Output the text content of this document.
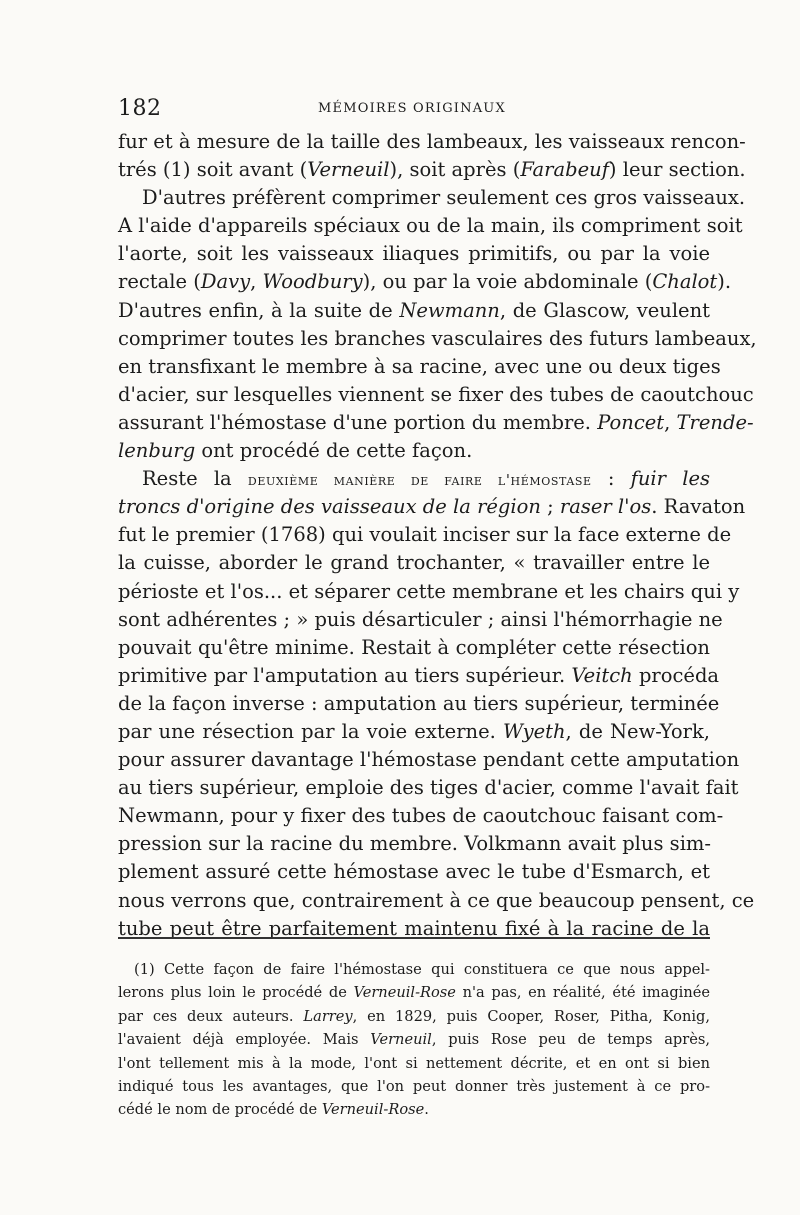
182	MÉMOIRES ORIGINAUX
fur et à mesure de la taille des lambeaux, les vaisseaux rencon-
trés (1) soit avant (Verneuil), soit après (Farabeuf) leur section.
D'autres préfèrent comprimer seulement ces gros vaisseaux.
A l'aide d'appareils spéciaux ou de la main, ils compriment soit
l'aorte, soit les vaisseaux iliaques primitifs, ou par la voie
rectale (Davy, Woodbury), ou par la voie abdominale (Chalot).
D'autres enfin, à la suite de Newmann, de Glascow, veulent
comprimer toutes les branches vasculaires des futurs lambeaux,
en transfixant le membre à sa racine, avec une ou deux tiges
d'acier, sur lesquelles viennent se fixer des tubes de caoutchouc
assurant l'hémostase d'une portion du membre. Poncet, Trende-
lenburg ont procédé de cette façon.
Reste la deuxième manière de faire l'hémostase : fuir les
troncs d'origine des vaisseaux de la région ; raser l'os. Ravaton
fut le premier (1768) qui voulait inciser sur la face externe de
la cuisse, aborder le grand trochanter, « travailler entre le
périoste et l'os... et séparer cette membrane et les chairs qui y
sont adhérentes ; » puis désarticuler ; ainsi l'hémorrhagie ne
pouvait qu'être minime. Restait à compléter cette résection
primitive par l'amputation au tiers supérieur. Veitch procéda
de la façon inverse : amputation au tiers supérieur, terminée
par une résection par la voie externe. Wyeth, de New-York,
pour assurer davantage l'hémostase pendant cette amputation
au tiers supérieur, emploie des tiges d'acier, comme l'avait fait
Newmann, pour y fixer des tubes de caoutchouc faisant com-
pression sur la racine du membre. Volkmann avait plus sim-
plement assuré cette hémostase avec le tube d'Esmarch, et
nous verrons que, contrairement à ce que beaucoup pensent, ce
tube peut être parfaitement maintenu fixé à la racine de la
(1) Cette façon de faire l'hémostase qui constituera ce que nous appel-
lerons plus loin le procédé de Verneuil-Rose n'a pas, en réalité, été imaginée
par ces deux auteurs. Larrey, en 1829, puis Cooper, Roser, Pitha, Konig,
l'avaient déjà employée. Mais Verneuil, puis Rose peu de temps après,
l'ont tellement mis à la mode, l'ont si nettement décrite, et en ont si bien
indiqué tous les avantages, que l'on peut donner très justement à ce pro-
cédé le nom de procédé de Verneuil-Rose.
